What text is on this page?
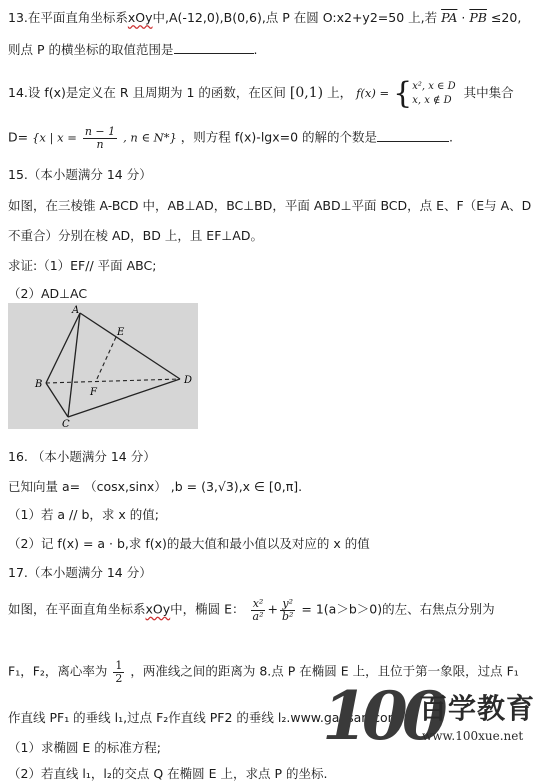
13.在平面直角坐标系xOy中,A(-12,0),B(0,6),点 P 在圆 O:x2+y2=50 上,若 $\overline{PA} \cdot \overline{PB} \le 20$,
则点 P 的横坐标的取值范围是	.
14.设 f(x)是定义在 R 且周期为 1 的函数，在区间 [0,1) 上， f(x) = { x², x ∈ D
x, x ∉ D 其中集合
D= {x | $x = \frac{n - 1}{n}$ , n ∈ N*} ，则方程 f(x)-lgx=0 的解的个数是	.
15.（本小题满分 14 分）
如图，在三棱锥 A-BCD 中，AB⊥AD，BC⊥BD，平面 ABD⊥平面 BCD，点 E、F（E与 A、D
不重合）分别在棱 AD，BD 上，且 EF⊥AD。
求证:（1）EF// 平面 ABC;
（2）AD⊥AC
A
B
C
D
E
F
16. （本小题满分 14 分）
已知向量 a= （cosx,sinx） ,b = (3,√3),x ∈ [0,π].
（1）若 a // b，求 x 的值;
（2）记 f(x) = a · b,求 f(x)的最大值和最小值以及对应的 x 的值
17.（本小题满分 14 分）
如图，在平面直角坐标系xOy中，椭圆 E： $\frac{\text{x²}}{\text{a²}} + \frac{\text{y²}}{\text{b²}} = 1(a>b>0)$的左、右焦点分别为
F₁，F₂，离心率为 $\frac{1}{2}$ ，两准线之间的距离为 8.点 P 在椭圆 E 上，且位于第一象限，过点 F₁
作直线 PF₁ 的垂线 l₁,过点 F₂作直线 PF2 的垂线 l₂.www.gaosan.com
（1）求椭圆 E 的标准方程;
（2）若直线 l₁，l₂的交点 Q 在椭圆 E 上，求点 P 的坐标.
100
百学教育
www.100xue.net
